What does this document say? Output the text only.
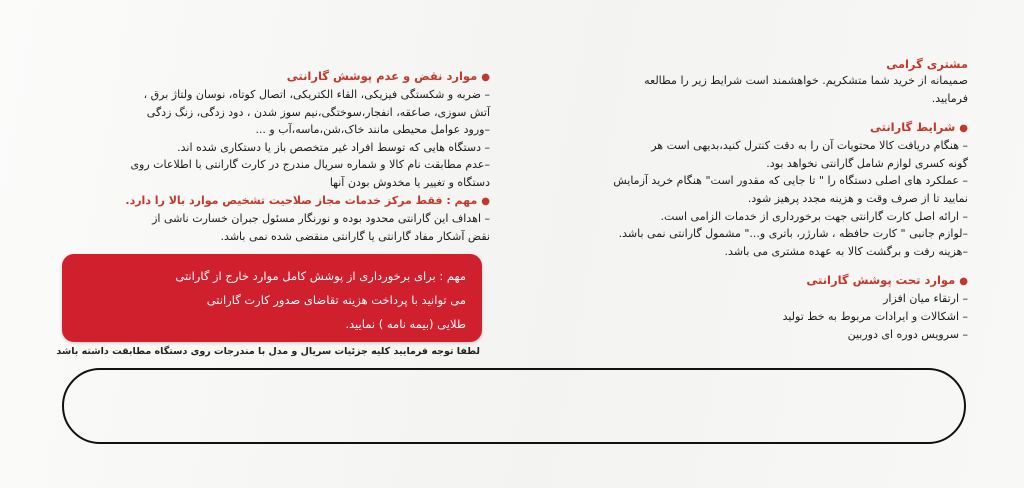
مشتری گرامی
صمیمانه از خرید شما متشکریم. خواهشمند است شرایط زیر را مطالعه
فرمایید.
●شرایط گارانتی
– هنگام دریافت کالا محتویات آن را به دقت کنترل کنید،بدیهی است هر
گونه کسری لوازم شامل گارانتی نخواهد بود.
– عملکرد های اصلی دستگاه را " تا جایی که مقدور است" هنگام خرید آزمایش
نمایید تا از صرف وقت و هزینه مجدد پرهیز شود.
– ارائه اصل کارت گارانتی جهت برخورداری از خدمات الزامی است.
–لوازم جانبی " کارت حافظه ، شارژر، باتری و..." مشمول گارانتی نمی باشد.
–هزینه رفت و برگشت کالا به عهده مشتری می باشد.
●موارد تحت پوشش گارانتی
– ارتقاء میان افزار
– اشکالات و ایرادات مربوط به خط تولید
– سرویس دوره ای دوربین
●موارد نقض و عدم پوشش گارانتی
– ضربه و شکستگی فیزیکی، القاء الکتریکی، اتصال کوتاه، نوسان ولتاژ برق ،
آتش سوزی، صاعقه، انفجار،سوختگی،نیم سوز شدن ، دود زدگی، زنگ زدگی
–ورود عوامل محیطی مانند خاک،شن،ماسه،آب و ...
– دستگاه هایی که توسط افراد غیر متخصص باز یا دستکاری شده اند.
–عدم مطابقت نام کالا و شماره سریال مندرج در کارت گارانتی با اطلاعات روی
دستگاه و تغییر یا مخدوش بودن آنها
●مهم : فقط مرکز خدمات مجاز صلاحیت تشخیص موارد بالا را دارد.
– اهداف این گارانتی محدود بوده و نورنگار مسئول جبران خسارت ناشی از
نقض آشکار مفاد گارانتی یا گارانتی منقضی شده نمی باشد.
مهم : برای برخورداری از پوشش کامل موارد خارج از گارانتی
می توانید با پرداخت هزینه تقاضای صدور کارت گارانتی
طلایی (بیمه نامه ) نمایید.
لطفا توجه فرمایید کلیه جزئیات سریال و مدل با مندرجات روی دستگاه مطابقت داشته باشد
